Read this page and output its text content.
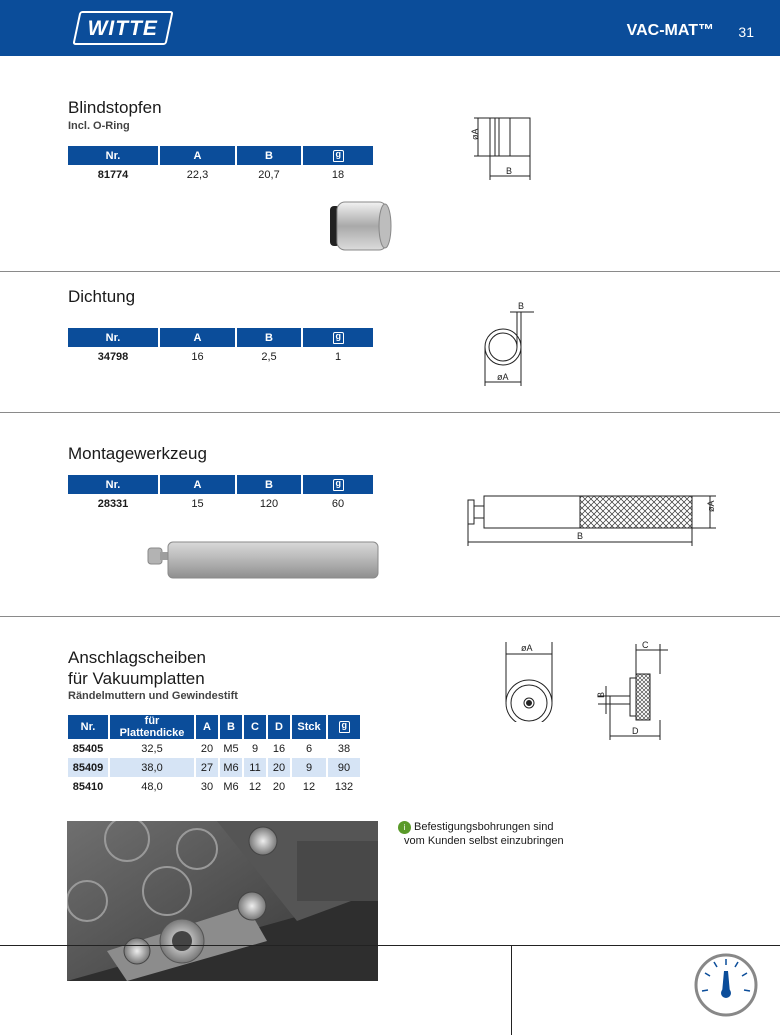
WITTE	VAC-MAT™ 31
Blindstopfen
Incl. O-Ring
Nr.	A	B	g
81774	22,3	20,7	18
øA
B
Dichtung
Nr.	A	B	g
34798	16	2,5	1
B
øA
Montagewerkzeug
Nr.	A	B	g
28331	15	120	60
B
øA
Anschlagscheiben
für Vakuumplatten
Rändelmuttern und Gewindestift
Nr.	für Plattendicke	A	B	C	D	Stck	g
85405	32,5	20	M5	9	16	6	38
85409	38,0	27	M6	11	20	9	90
85410	48,0	30	M6	12	20	12	132
øA	C
B
D
i Befestigungsbohrungen sind
vom Kunden selbst einzubringen
